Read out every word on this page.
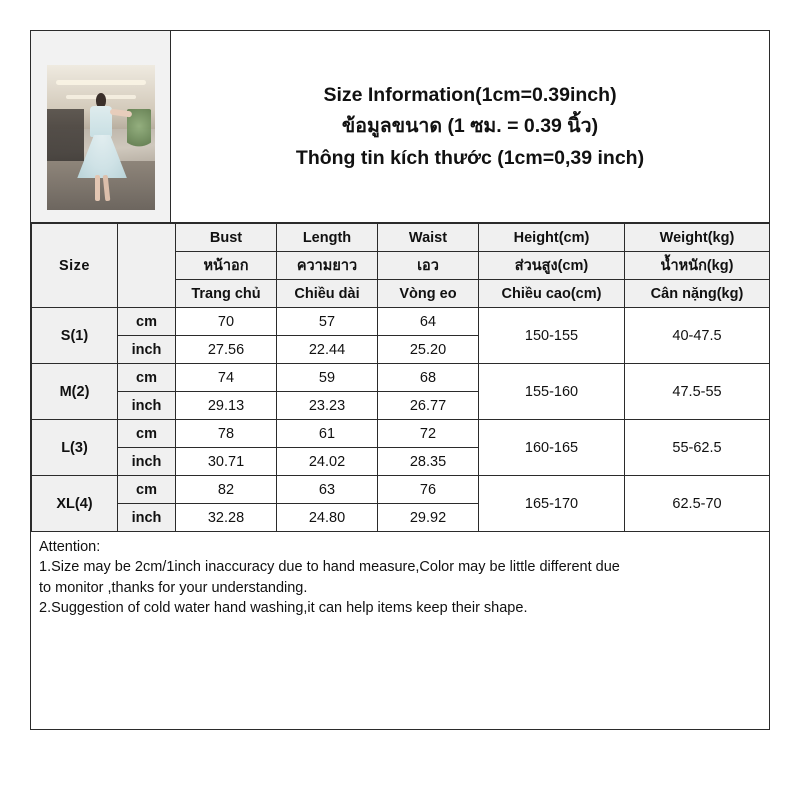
Size Information(1cm=0.39inch)
ข้อมูลขนาด (1 ซม. = 0.39 นิ้ว)
Thông tin kích thước (1cm=0,39 inch)
Size		Bust	Length	Waist	Height(cm)	Weight(kg)
		หน้าอก	ความยาว	เอว	ส่วนสูง(cm)	น้ำหนัก(kg)
		Trang chủ	Chiều dài	Vòng eo	Chiều cao(cm)	Cân nặng(kg)
S(1)	cm	70	57	64	150-155	40-47.5
	inch	27.56	22.44	25.20		
M(2)	cm	74	59	68	155-160	47.5-55
	inch	29.13	23.23	26.77		
L(3)	cm	78	61	72	160-165	55-62.5
	inch	30.71	24.02	28.35		
XL(4)	cm	82	63	76	165-170	62.5-70
	inch	32.28	24.80	29.92		

Attention:

1.Size may be 2cm/1inch inaccuracy due to hand measure,Color may be little different due

to monitor ,thanks for your understanding.

2.Suggestion of cold water hand washing,it can help items keep their shape.
